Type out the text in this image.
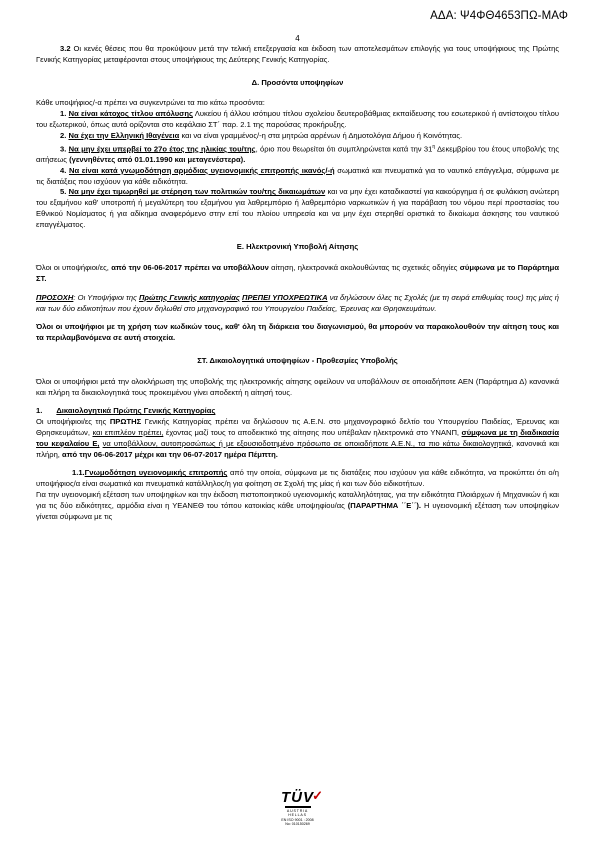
ΑΔΑ: Ψ4ΦΘ4653ΠΩ-ΜΑΦ
4

3.2 Οι κενές θέσεις που θα προκύψουν μετά την τελική επεξεργασία και έκδοση των αποτελεσμάτων επιλογής για τους υποψήφιους της Πρώτης Γενικής Κατηγορίας μεταφέρονται στους υποψήφιους της Δεύτερης Γενικής Κατηγορίας.

Δ. Προσόντα υποψηφίων

Κάθε υποψήφιος/-α πρέπει να συγκεντρώνει τα πιο κάτω προσόντα:

1. Να είναι κάτοχος τίτλου απόλυσης Λυκείου ή άλλου ισότιμου τίτλου σχολείου δευτεροβάθμιας εκπαίδευσης του εσωτερικού ή αντίστοιχου τίτλου του εξωτερικού, όπως αυτά ορίζονται στο κεφάλαιο ΣΤ΄ παρ. 2.1 της παρούσας προκήρυξης.

2. Να έχει την Ελληνική Ιθαγένεια και να είναι γραμμένος/-η στα μητρώα αρρένων ή Δημοτολόγια Δήμου ή Κοινότητας.

3. Να μην έχει υπερβεί το 27ο έτος της ηλικίας του/της, όριο που θεωρείται ότι συμπληρώνεται κατά την $31^\eta$ Δεκεμβρίου του έτους υποβολής της αιτήσεως (γεννηθέντες από 01.01.1990 και μεταγενέστερα).

4. Να είναι κατά γνωμοδότηση αρμόδιας υγειονομικής επιτροπής ικανός/-ή σωματικά και πνευματικά για το ναυτικό επάγγελμα, σύμφωνα με τις διατάξεις που ισχύουν για κάθε ειδικότητα.

5. Να μην έχει τιμωρηθεί με στέρηση των πολιτικών του/της δικαιωμάτων και να μην έχει καταδικαστεί για κακούργημα ή σε φυλάκιση ανώτερη του εξαμήνου καθ' υποτροπή ή μεγαλύτερη του εξαμήνου για λαθρεμπόριο ή λαθρεμπόριο ναρκωτικών ή για παράβαση του νόμου περί προστασίας του Εθνικού Νομίσματος ή για αδίκημα αναφερόμενο στην επί του πλοίου υπηρεσία και να μην έχει στερηθεί οριστικά το δικαίωμα άσκησης του ναυτικού επαγγέλματος.

Ε. Ηλεκτρονική Υποβολή Αίτησης

Όλοι οι υποψήφιοι/ες, από την 06-06-2017 πρέπει να υποβάλλουν αίτηση, ηλεκτρονικά ακολουθώντας τις σχετικές οδηγίες σύμφωνα με το Παράρτημα ΣΤ.

ΠΡΟΣΟΧΗ: Οι Υποψήφιοι της Πρώτης Γενικής κατηγορίας ΠΡΕΠΕΙ ΥΠΟΧΡΕΩΤΙΚΑ να δηλώσουν όλες τις Σχολές (με τη σειρά επιθυμίας τους) της μίας ή και των δύο ειδικοτήτων που έχουν δηλωθεί στο μηχανογραφικό του Υπουργείου Παιδείας, Έρευνας και Θρησκευμάτων.

Όλοι οι υποψήφιοι με τη χρήση των κωδικών τους, καθ' όλη τη διάρκεια του διαγωνισμού, θα μπορούν να παρακολουθούν την αίτηση τους και τα περιλαμβανόμενα σε αυτή στοιχεία.

ΣΤ. Δικαιολογητικά υποψηφίων - Προθεσμίες Υποβολής

Όλοι οι υποψήφιοι μετά την ολοκλήρωση της υποβολής της ηλεκτρονικής αίτησης οφείλουν να υποβάλλουν σε οποιαδήποτε ΑΕΝ (Παράρτημα Δ) κανονικά και πλήρη τα δικαιολογητικά τους προκειμένου γίνει αποδεκτή η αίτησή τους.

1. Δικαιολογητικά Πρώτης Γενικής Κατηγορίας

Οι υποψήφιοι/ες της ΠΡΩΤΗΣ Γενικής Κατηγορίας πρέπει να δηλώσουν τις Α.Ε.Ν. στο μηχανογραφικό δελτίο του Υπουργείου Παιδείας, Έρευνας και Θρησκευμάτων, και επιπλέον πρέπει, έχοντας μαζί τους το αποδεικτικό της αίτησης που υπέβαλαν ηλεκτρονικά στο ΥΝΑΝΠ, σύμφωνα με τη διαδικασία του κεφαλαίου Ε, να υποβάλλουν, αυτοπροσώπως ή με εξουσιοδοτημένο πρόσωπο σε οποιαδήποτε Α.Ε.Ν., τα πιο κάτω δικαιολογητικά, κανονικά και πλήρη, από την 06-06-2017 μέχρι και την 06-07-2017 ημέρα Πέμπτη.

1.1.Γνωμοδότηση υγειονομικής επιτροπής από την οποία, σύμφωνα με τις διατάξεις που ισχύουν για κάθε ειδικότητα, να προκύπτει ότι ο/η υποψήφιος/α είναι σωματικά και πνευματικά κατάλληλος/η για φοίτηση σε Σχολή της μίας ή και των δύο ειδικοτήτων.

Για την υγειονομική εξέταση των υποψηφίων και την έκδοση πιστοποιητικού υγειονομικής καταλληλότητας, για την ειδικότητα Πλοιάρχων ή Μηχανικών ή και για τις δύο ειδικότητες, αρμόδια είναι η ΥΕΑΝΕΘ του τόπου κατοικίας κάθε υποψηφίου/ας (ΠΑΡΑΡΤΗΜΑ ΄΄Ε΄΄). Η υγειονομική εξέταση των υποψηφίων γίνεται σύμφωνα με τις

TÜV
✓
AUSTRIA
HELLAS
EN ISO 9001 : 2008
No: 010150269
